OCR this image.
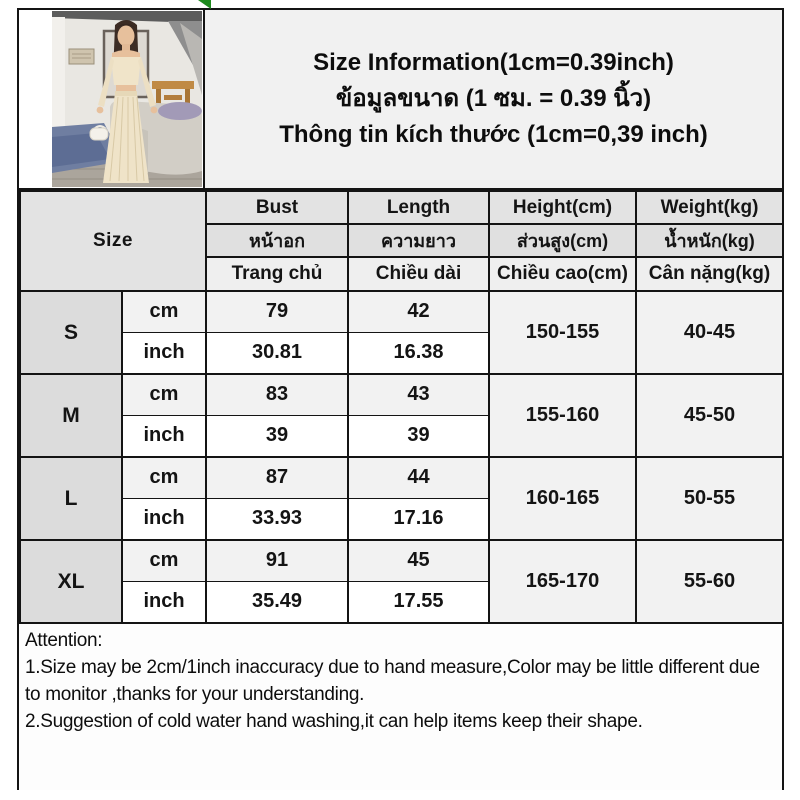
Size Information(1cm=0.39inch)
ข้อมูลขนาด (1 ซม. = 0.39 นิ้ว)
Thông tin kích thước (1cm=0,39 inch)
Size		Bust	Length	Height(cm)	Weight(kg)
		หน้าอก	ความยาว	ส่วนสูง(cm)	น้ำหนัก(kg)
		Trang chủ	Chiều dài	Chiều cao(cm)	Cân nặng(kg)
S	cm	79	42	150-155	40-45
	inch	30.81	16.38		
M	cm	83	43	155-160	45-50
	inch	39	39		
L	cm	87	44	160-165	50-55
	inch	33.93	17.16		
XL	cm	91	45	165-170	55-60
	inch	35.49	17.55		

Attention:

1.Size may be 2cm/1inch inaccuracy due to hand measure,Color may be little different due to monitor ,thanks for your understanding.

2.Suggestion of cold water hand washing,it can help items keep their shape.
